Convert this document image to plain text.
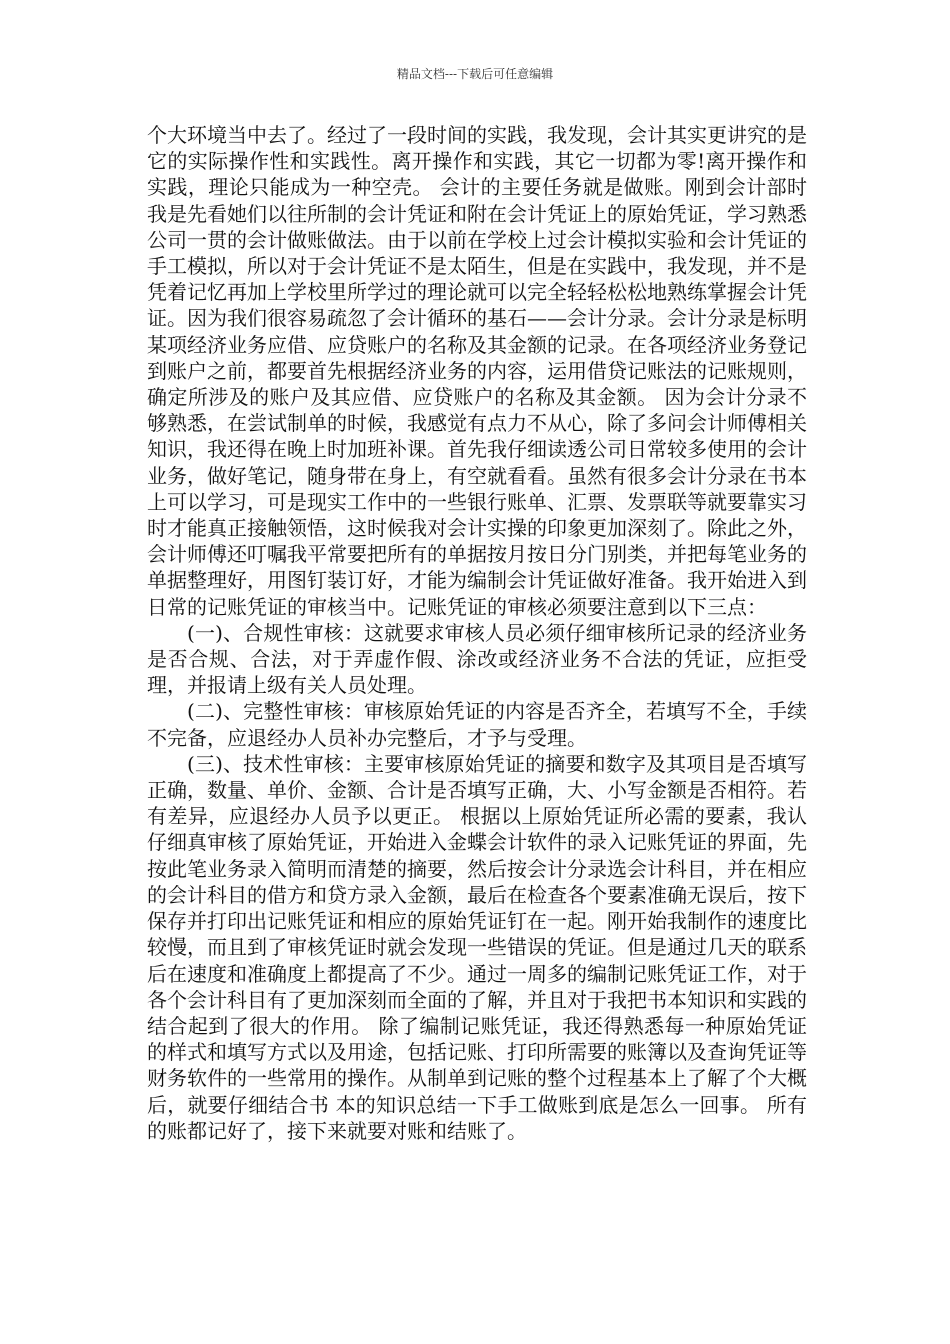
精品文档---下载后可任意编辑

个大环境当中去了。经过了一段时间的实践，我发现，会计其实更讲究的是它的实际操作性和实践性。离开操作和实践，其它一切都为零!离开操作和实践，理论只能成为一种空壳。 会计的主要任务就是做账。刚到会计部时我是先看她们以往所制的会计凭证和附在会计凭证上的原始凭证，学习熟悉公司一贯的会计做账做法。由于以前在学校上过会计模拟实验和会计凭证的手工模拟，所以对于会计凭证不是太陌生，但是在实践中，我发现，并不是凭着记忆再加上学校里所学过的理论就可以完全轻轻松松地熟练掌握会计凭证。因为我们很容易疏忽了会计循环的基石——会计分录。会计分录是标明某项经济业务应借、应贷账户的名称及其金额的记录。在各项经济业务登记到账户之前，都要首先根据经济业务的内容，运用借贷记账法的记账规则，确定所涉及的账户及其应借、应贷账户的名称及其金额。 因为会计分录不够熟悉，在尝试制单的时候，我感觉有点力不从心，除了多问会计师傅相关知识，我还得在晚上时加班补课。首先我仔细读透公司日常较多使用的会计业务，做好笔记，随身带在身上，有空就看看。虽然有很多会计分录在书本上可以学习，可是现实工作中的一些银行账单、汇票、发票联等就要靠实习时才能真正接触领悟，这时候我对会计实操的印象更加深刻了。除此之外，会计师傅还叮嘱我平常要把所有的单据按月按日分门别类，并把每笔业务的单据整理好，用图钉装订好，才能为编制会计凭证做好准备。我开始进入到日常的记账凭证的审核当中。记账凭证的审核必须要注意到以下三点：

(一)、合规性审核：这就要求审核人员必须仔细审核所记录的经济业务是否合规、合法，对于弄虚作假、涂改或经济业务不合法的凭证，应拒受理，并报请上级有关人员处理。

(二)、完整性审核：审核原始凭证的内容是否齐全，若填写不全，手续不完备，应退经办人员补办完整后，才予与受理。

(三)、技术性审核：主要审核原始凭证的摘要和数字及其项目是否填写正确，数量、单价、金额、合计是否填写正确，大、小写金额是否相符。若有差异，应退经办人员予以更正。 根据以上原始凭证所必需的要素，我认仔细真审核了原始凭证，开始进入金蝶会计软件的录入记账凭证的界面，先按此笔业务录入简明而清楚的摘要，然后按会计分录选会计科目，并在相应的会计科目的借方和贷方录入金额，最后在检查各个要素准确无误后，按下保存并打印出记账凭证和相应的原始凭证钉在一起。刚开始我制作的速度比较慢，而且到了审核凭证时就会发现一些错误的凭证。但是通过几天的联系后在速度和准确度上都提高了不少。通过一周多的编制记账凭证工作，对于各个会计科目有了更加深刻而全面的了解，并且对于我把书本知识和实践的结合起到了很大的作用。 除了编制记账凭证，我还得熟悉每一种原始凭证的样式和填写方式以及用途，包括记账、打印所需要的账簿以及查询凭证等财务软件的一些常用的操作。从制单到记账的整个过程基本上了解了个大概后，就要仔细结合书 本的知识总结一下手工做账到底是怎么一回事。 所有的账都记好了，接下来就要对账和结账了。
